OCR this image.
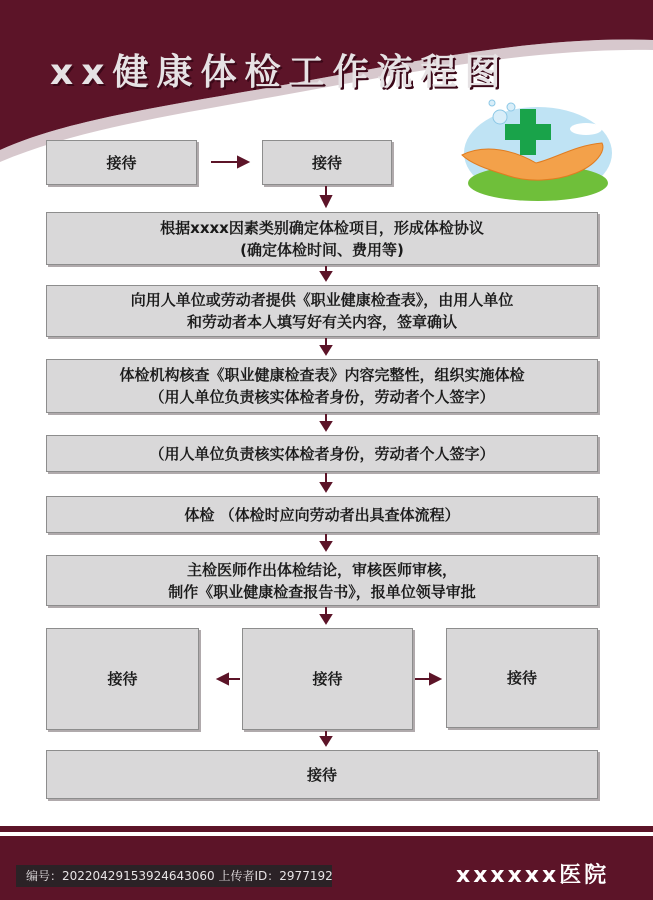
xx健康体检工作流程图
接待	接待
根据xxxx因素类别确定体检项目，形成体检协议
(确定体检时间、费用等)
向用人单位或劳动者提供《职业健康检查表》，由用人单位
和劳动者本人填写好有关内容，签章确认
体检机构核查《职业健康检查表》内容完整性，组织实施体检
（用人单位负责核实体检者身份，劳动者个人签字）
（用人单位负责核实体检者身份，劳动者个人签字）
体检 （体检时应向劳动者出具查体流程）
主检医师作出体检结论，审核医师审核，
制作《职业健康检查报告书》，报单位领导审批
接待	接待	接待
接待
编号：20220429153924643060 上传者ID：2977192	xxxxxx医院
